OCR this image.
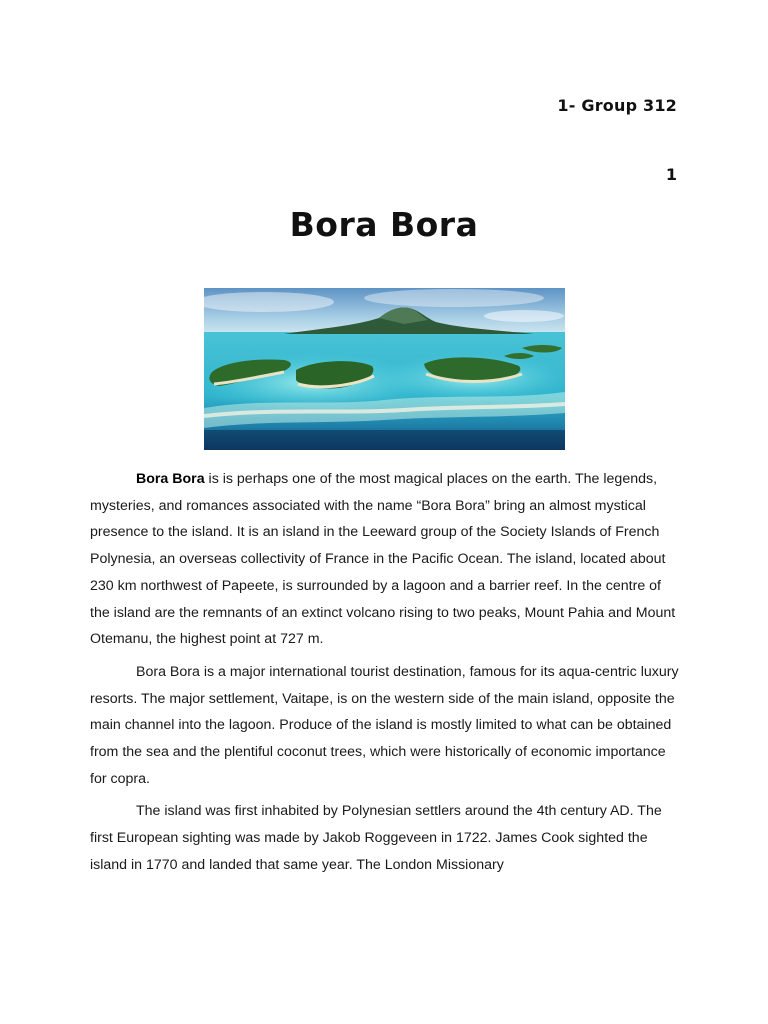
1- Group 312
1
Bora Bora

Bora Bora is is perhaps one of the most magical places on the earth. The legends, mysteries, and romances associated with the name “Bora Bora” bring an almost mystical presence to the island. It is an island in the Leeward group of the Society Islands of French Polynesia, an overseas collectivity of France in the Pacific Ocean. The island, located about 230 km northwest of Papeete, is surrounded by a lagoon and a barrier reef. In the centre of the island are the remnants of an extinct volcano rising to two peaks, Mount Pahia and Mount Otemanu, the highest point at 727 m.

Bora Bora is a major international tourist destination, famous for its aqua-centric luxury resorts. The major settlement, Vaitape, is on the western side of the main island, opposite the main channel into the lagoon. Produce of the island is mostly limited to what can be obtained from the sea and the plentiful coconut trees, which were historically of economic importance for copra.

The island was first inhabited by Polynesian settlers around the 4th century AD. The first European sighting was made by Jakob Roggeveen in 1722. James Cook sighted the island in 1770 and landed that same year. The London Missionary
